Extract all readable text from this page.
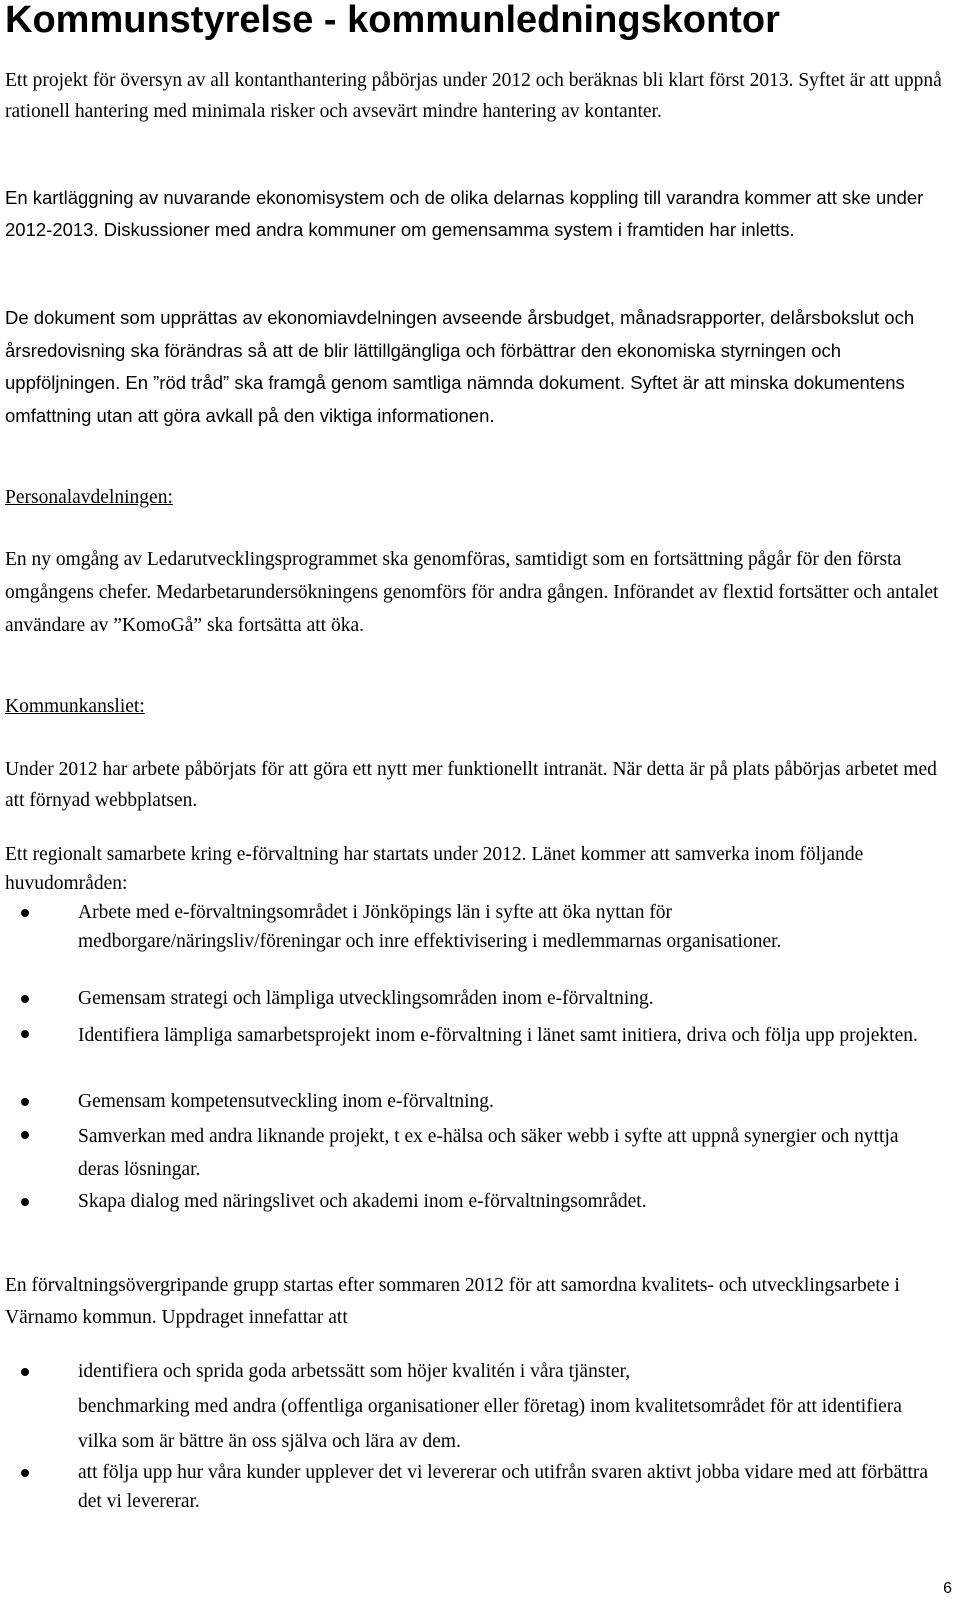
Kommunstyrelse - kommunledningskontor

Ett projekt för översyn av all kontanthantering påbörjas under 2012 och beräknas bli klart först 2013. Syftet är att uppnå rationell hantering med minimala risker och avsevärt mindre hantering av kontanter.

En kartläggning av nuvarande ekonomisystem och de olika delarnas koppling till varandra kommer att ske under 2012-2013. Diskussioner med andra kommuner om gemensamma system i framtiden har inletts.

De dokument som upprättas av ekonomiavdelningen avseende årsbudget, månadsrapporter, delårsbokslut och årsredovisning ska förändras så att de blir lättillgängliga och förbättrar den ekonomiska styrningen och uppföljningen. En ”röd tråd” ska framgå genom samtliga nämnda dokument. Syftet är att minska dokumentens omfattning utan att göra avkall på den viktiga informationen.

Personalavdelningen:

En ny omgång av Ledarutvecklingsprogrammet ska genomföras, samtidigt som en fortsättning pågår för den första omgångens chefer. Medarbetarundersökningens genomförs för andra gången. Införandet av flextid fortsätter och antalet användare av ”KomoGå” ska fortsätta att öka.

Kommunkansliet:

Under 2012 har arbete påbörjats för att göra ett nytt mer funktionellt intranät. När detta är på plats påbörjas arbetet med att förnyad webbplatsen.

Ett regionalt samarbete kring e-förvaltning har startats under 2012. Länet kommer att samverka inom följande huvudområden:

Arbete med e-förvaltningsområdet i Jönköpings län i syfte att öka nyttan för medborgare/näringsliv/föreningar och inre effektivisering i medlemmarnas organisationer.
Gemensam strategi och lämpliga utvecklingsområden inom e-förvaltning.
Identifiera lämpliga samarbetsprojekt inom e-förvaltning i länet samt initiera, driva och följa upp projekten.
Gemensam kompetensutveckling inom e-förvaltning.
Samverkan med andra liknande projekt, t ex e-hälsa och säker webb i syfte att uppnå synergier och nyttja deras lösningar.
Skapa dialog med näringslivet och akademi inom e-förvaltningsområdet.

En förvaltningsövergripande grupp startas efter sommaren 2012 för att samordna kvalitets- och utvecklingsarbete i Värnamo kommun. Uppdraget innefattar att

identifiera och sprida goda arbetssätt som höjer kvalitén i våra tjänster,
benchmarking med andra (offentliga organisationer eller företag) inom kvalitetsområdet för att identifiera vilka som är bättre än oss själva och lära av dem.
att följa upp hur våra kunder upplever det vi levererar och utifrån svaren aktivt jobba vidare med att förbättra det vi levererar.
6
